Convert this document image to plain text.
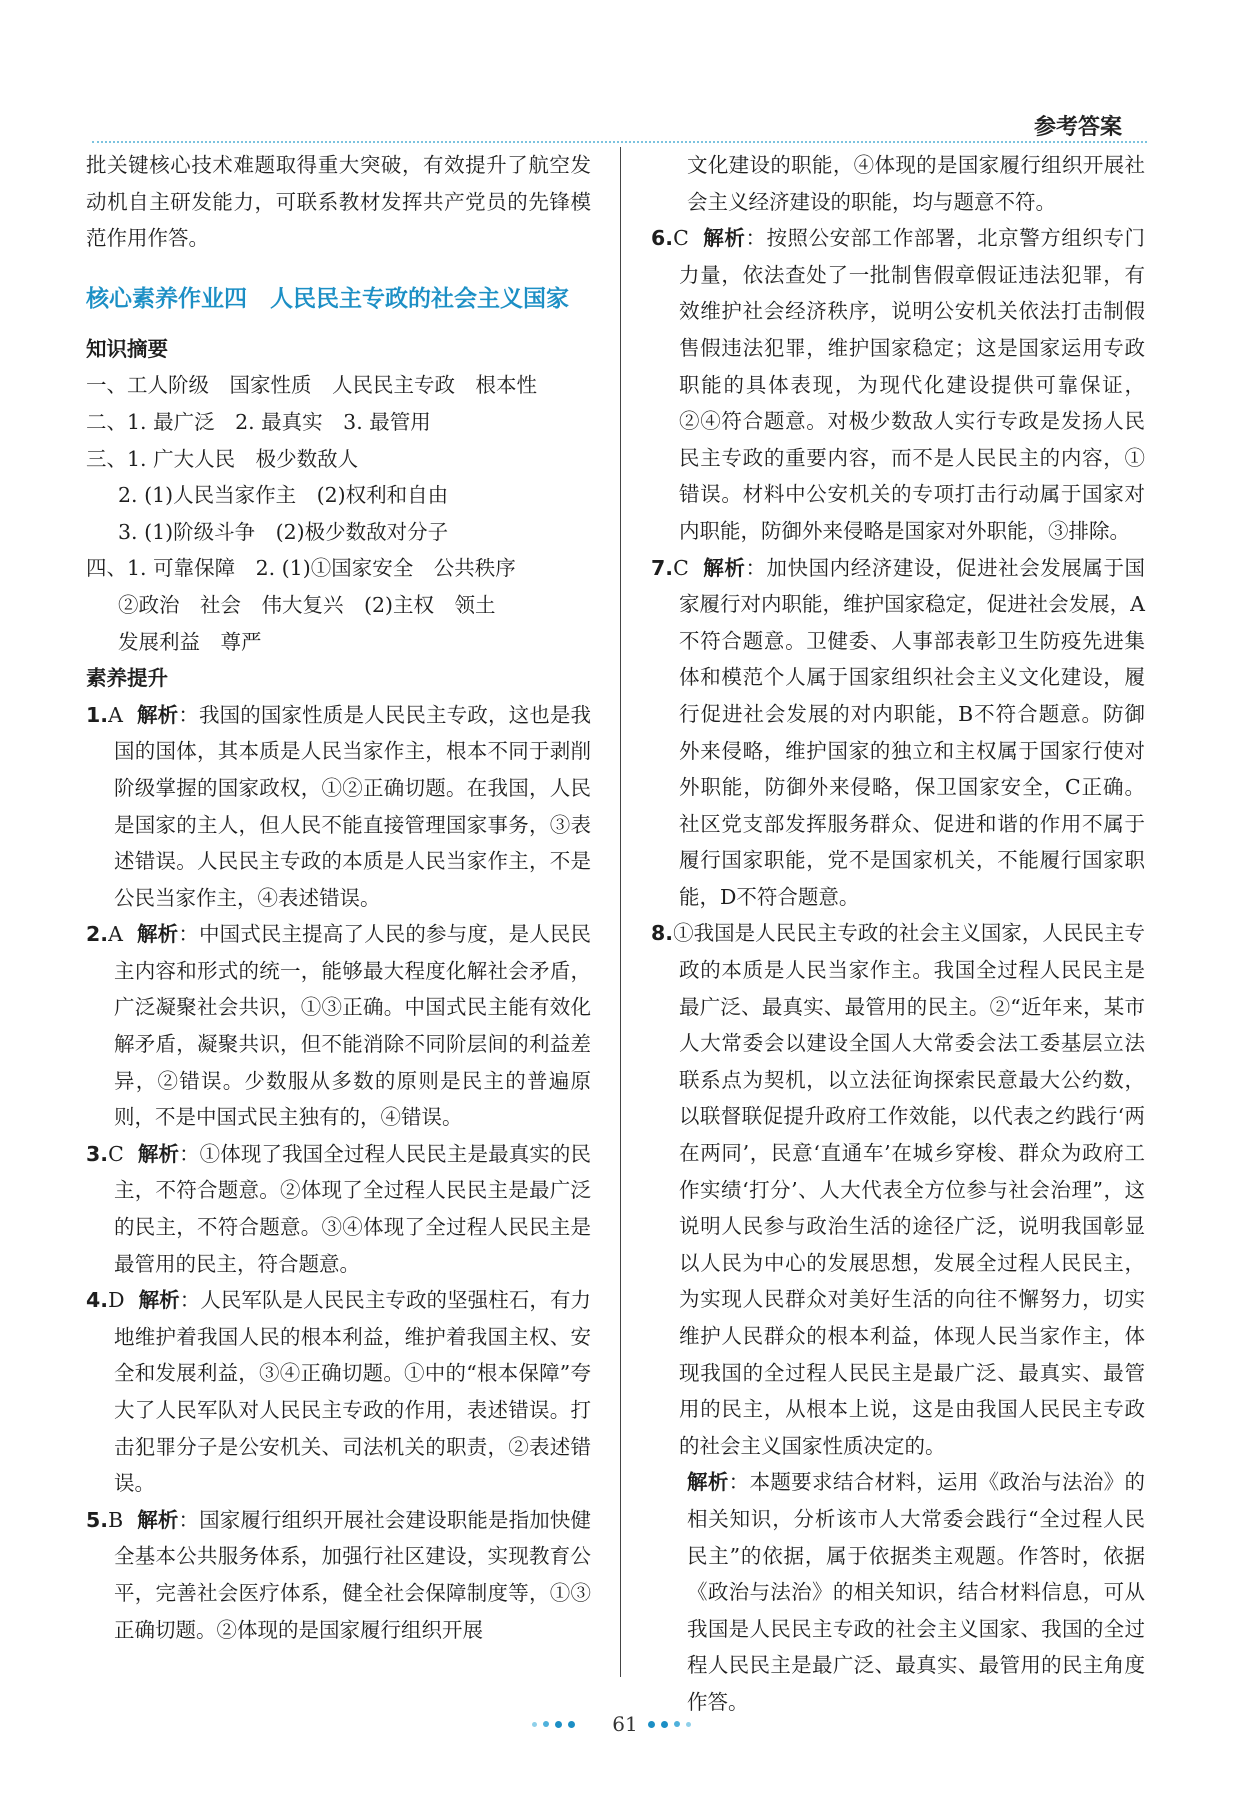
参考答案

批关键核心技术难题取得重大突破，有效提升了航空发动机自主研发能力，可联系教材发挥共产党员的先锋模范作用作答。

核心素养作业四　人民民主专政的社会主义国家
知识摘要

一、工人阶级　国家性质　人民民主专政　根本性

二、1. 最广泛　2. 最真实　3. 最管用

三、1. 广大人民　极少数敌人

2. (1)人民当家作主　(2)权利和自由

3. (1)阶级斗争　(2)极少数敌对分子

四、1. 可靠保障　2. (1)①国家安全　公共秩序

②政治　社会　伟大复兴　(2)主权　领土

发展利益　尊严

素养提升

1.A 解析：我国的国家性质是人民民主专政，这也是我国的国体，其本质是人民当家作主，根本不同于剥削阶级掌握的国家政权，①②正确切题。在我国，人民是国家的主人，但人民不能直接管理国家事务，③表述错误。人民民主专政的本质是人民当家作主，不是公民当家作主，④表述错误。

2.A 解析：中国式民主提高了人民的参与度，是人民民主内容和形式的统一，能够最大程度化解社会矛盾，广泛凝聚社会共识，①③正确。中国式民主能有效化解矛盾，凝聚共识，但不能消除不同阶层间的利益差异，②错误。少数服从多数的原则是民主的普遍原则，不是中国式民主独有的，④错误。

3.C 解析：①体现了我国全过程人民民主是最真实的民主，不符合题意。②体现了全过程人民民主是最广泛的民主，不符合题意。③④体现了全过程人民民主是最管用的民主，符合题意。

4.D 解析：人民军队是人民民主专政的坚强柱石，有力地维护着我国人民的根本利益，维护着我国主权、安全和发展利益，③④正确切题。①中的“根本保障”夸大了人民军队对人民民主专政的作用，表述错误。打击犯罪分子是公安机关、司法机关的职责，②表述错误。

5.B 解析：国家履行组织开展社会建设职能是指加快健全基本公共服务体系，加强行社区建设，实现教育公平，完善社会医疗体系，健全社会保障制度等，①③正确切题。②体现的是国家履行组织开展

文化建设的职能，④体现的是国家履行组织开展社会主义经济建设的职能，均与题意不符。

6.C 解析：按照公安部工作部署，北京警方组织专门力量，依法查处了一批制售假章假证违法犯罪，有效维护社会经济秩序，说明公安机关依法打击制假售假违法犯罪，维护国家稳定；这是国家运用专政职能的具体表现，为现代化建设提供可靠保证，②④符合题意。对极少数敌人实行专政是发扬人民民主专政的重要内容，而不是人民民主的内容，①错误。材料中公安机关的专项打击行动属于国家对内职能，防御外来侵略是国家对外职能，③排除。

7.C 解析：加快国内经济建设，促进社会发展属于国家履行对内职能，维护国家稳定，促进社会发展，A不符合题意。卫健委、人事部表彰卫生防疫先进集体和模范个人属于国家组织社会主义文化建设，履行促进社会发展的对内职能，B不符合题意。防御外来侵略，维护国家的独立和主权属于国家行使对外职能，防御外来侵略，保卫国家安全，C正确。社区党支部发挥服务群众、促进和谐的作用不属于履行国家职能，党不是国家机关，不能履行国家职能，D不符合题意。

8.①我国是人民民主专政的社会主义国家，人民民主专政的本质是人民当家作主。我国全过程人民民主是最广泛、最真实、最管用的民主。②“近年来，某市人大常委会以建设全国人大常委会法工委基层立法联系点为契机，以立法征询探索民意最大公约数，以联督联促提升政府工作效能，以代表之约践行‘两在两同’，民意‘直通车’在城乡穿梭、群众为政府工作实绩‘打分’、人大代表全方位参与社会治理”，这说明人民参与政治生活的途径广泛，说明我国彰显以人民为中心的发展思想，发展全过程人民民主，为实现人民群众对美好生活的向往不懈努力，切实维护人民群众的根本利益，体现人民当家作主，体现我国的全过程人民民主是最广泛、最真实、最管用的民主，从根本上说，这是由我国人民民主专政的社会主义国家性质决定的。

解析：本题要求结合材料，运用《政治与法治》的相关知识，分析该市人大常委会践行“全过程人民民主”的依据，属于依据类主观题。作答时，依据《政治与法治》的相关知识，结合材料信息，可从我国是人民民主专政的社会主义国家、我国的全过程人民民主是最广泛、最真实、最管用的民主角度作答。

61
